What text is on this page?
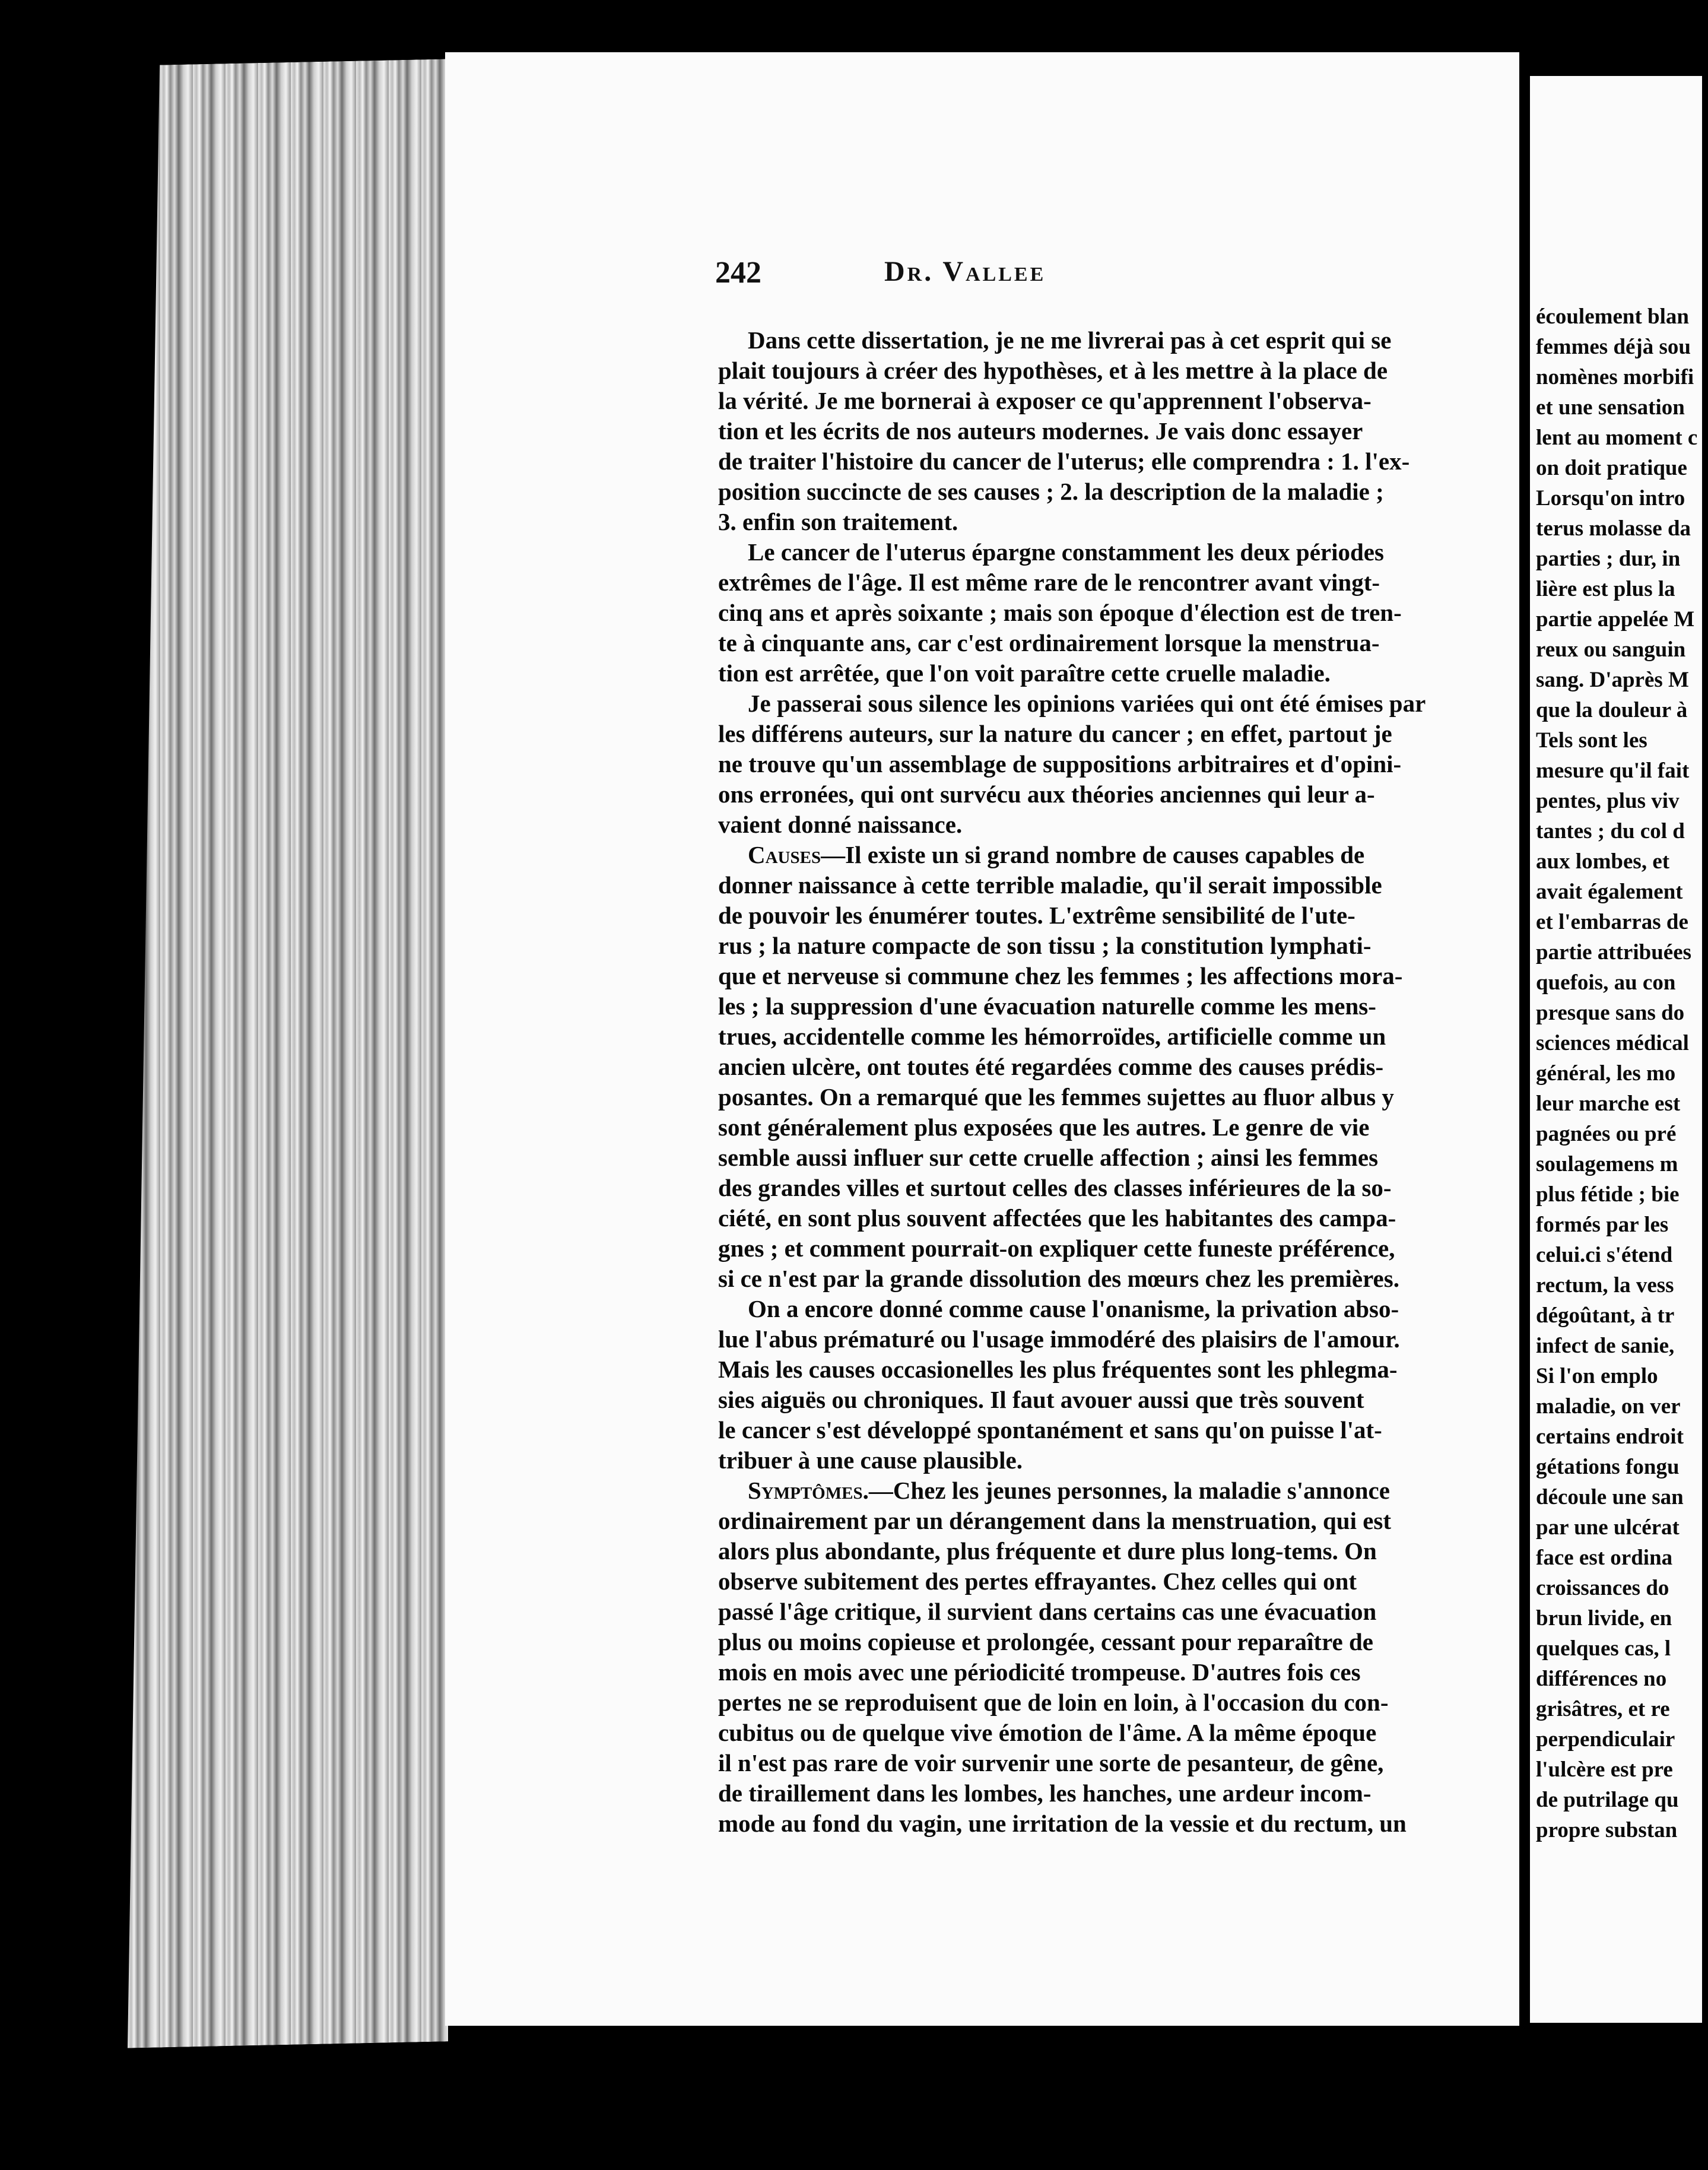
242	Dr. Vallee
Dans cette dissertation, je ne me livrerai pas à cet esprit qui se
plait toujours à créer des hypothèses, et à les mettre à la place de
la vérité. Je me bornerai à exposer ce qu'apprennent l'observa-
tion et les écrits de nos auteurs modernes. Je vais donc essayer
de traiter l'histoire du cancer de l'uterus; elle comprendra : 1. l'ex-
position succincte de ses causes ; 2. la description de la maladie ;
3. enfin son traitement.
Le cancer de l'uterus épargne constamment les deux périodes
extrêmes de l'âge. Il est même rare de le rencontrer avant vingt-
cinq ans et après soixante ; mais son époque d'élection est de tren-
te à cinquante ans, car c'est ordinairement lorsque la menstrua-
tion est arrêtée, que l'on voit paraître cette cruelle maladie.
Je passerai sous silence les opinions variées qui ont été émises par
les différens auteurs, sur la nature du cancer ; en effet, partout je
ne trouve qu'un assemblage de suppositions arbitraires et d'opini-
ons erronées, qui ont survécu aux théories anciennes qui leur a-
vaient donné naissance.
Causes—Il existe un si grand nombre de causes capables de
donner naissance à cette terrible maladie, qu'il serait impossible
de pouvoir les énumérer toutes. L'extrême sensibilité de l'ute-
rus ; la nature compacte de son tissu ; la constitution lymphati-
que et nerveuse si commune chez les femmes ; les affections mora-
les ; la suppression d'une évacuation naturelle comme les mens-
trues, accidentelle comme les hémorroïdes, artificielle comme un
ancien ulcère, ont toutes été regardées comme des causes prédis-
posantes. On a remarqué que les femmes sujettes au fluor albus y
sont généralement plus exposées que les autres. Le genre de vie
semble aussi influer sur cette cruelle affection ; ainsi les femmes
des grandes villes et surtout celles des classes inférieures de la so-
ciété, en sont plus souvent affectées que les habitantes des campa-
gnes ; et comment pourrait-on expliquer cette funeste préférence,
si ce n'est par la grande dissolution des mœurs chez les premières.
On a encore donné comme cause l'onanisme, la privation abso-
lue l'abus prématuré ou l'usage immodéré des plaisirs de l'amour.
Mais les causes occasionelles les plus fréquentes sont les phlegma-
sies aiguës ou chroniques. Il faut avouer aussi que très souvent
le cancer s'est développé spontanément et sans qu'on puisse l'at-
tribuer à une cause plausible.
Symptômes.—Chez les jeunes personnes, la maladie s'annonce
ordinairement par un dérangement dans la menstruation, qui est
alors plus abondante, plus fréquente et dure plus long-tems. On
observe subitement des pertes effrayantes. Chez celles qui ont
passé l'âge critique, il survient dans certains cas une évacuation
plus ou moins copieuse et prolongée, cessant pour reparaître de
mois en mois avec une périodicité trompeuse. D'autres fois ces
pertes ne se reproduisent que de loin en loin, à l'occasion du con-
cubitus ou de quelque vive émotion de l'âme. A la même époque
il n'est pas rare de voir survenir une sorte de pesanteur, de gêne,
de tiraillement dans les lombes, les hanches, une ardeur incom-
mode au fond du vagin, une irritation de la vessie et du rectum, un
écoulement blan
femmes déjà sou
nomènes morbifi
et une sensation
lent au moment c
on doit pratique
Lorsqu'on intro
terus molasse da
parties ; dur, in
lière est plus la
partie appelée M
reux ou sanguin
sang. D'après M
que la douleur à
Tels sont les
mesure qu'il fait
pentes, plus viv
tantes ; du col d
aux lombes, et
avait également
et l'embarras de
partie attribuées
quefois, au con
presque sans do
sciences médical
général, les mo
leur marche est
pagnées ou pré
soulagemens m
plus fétide ; bie
formés par les
celui.ci s'étend
rectum, la vess
dégoûtant, à tr
infect de sanie,
Si l'on emplo
maladie, on ver
certains endroit
gétations fongu
découle une san
par une ulcérat
face est ordina
croissances do
brun livide, en
quelques cas, l
différences no
grisâtres, et re
perpendiculair
l'ulcère est pre
de putrilage qu
propre substan
